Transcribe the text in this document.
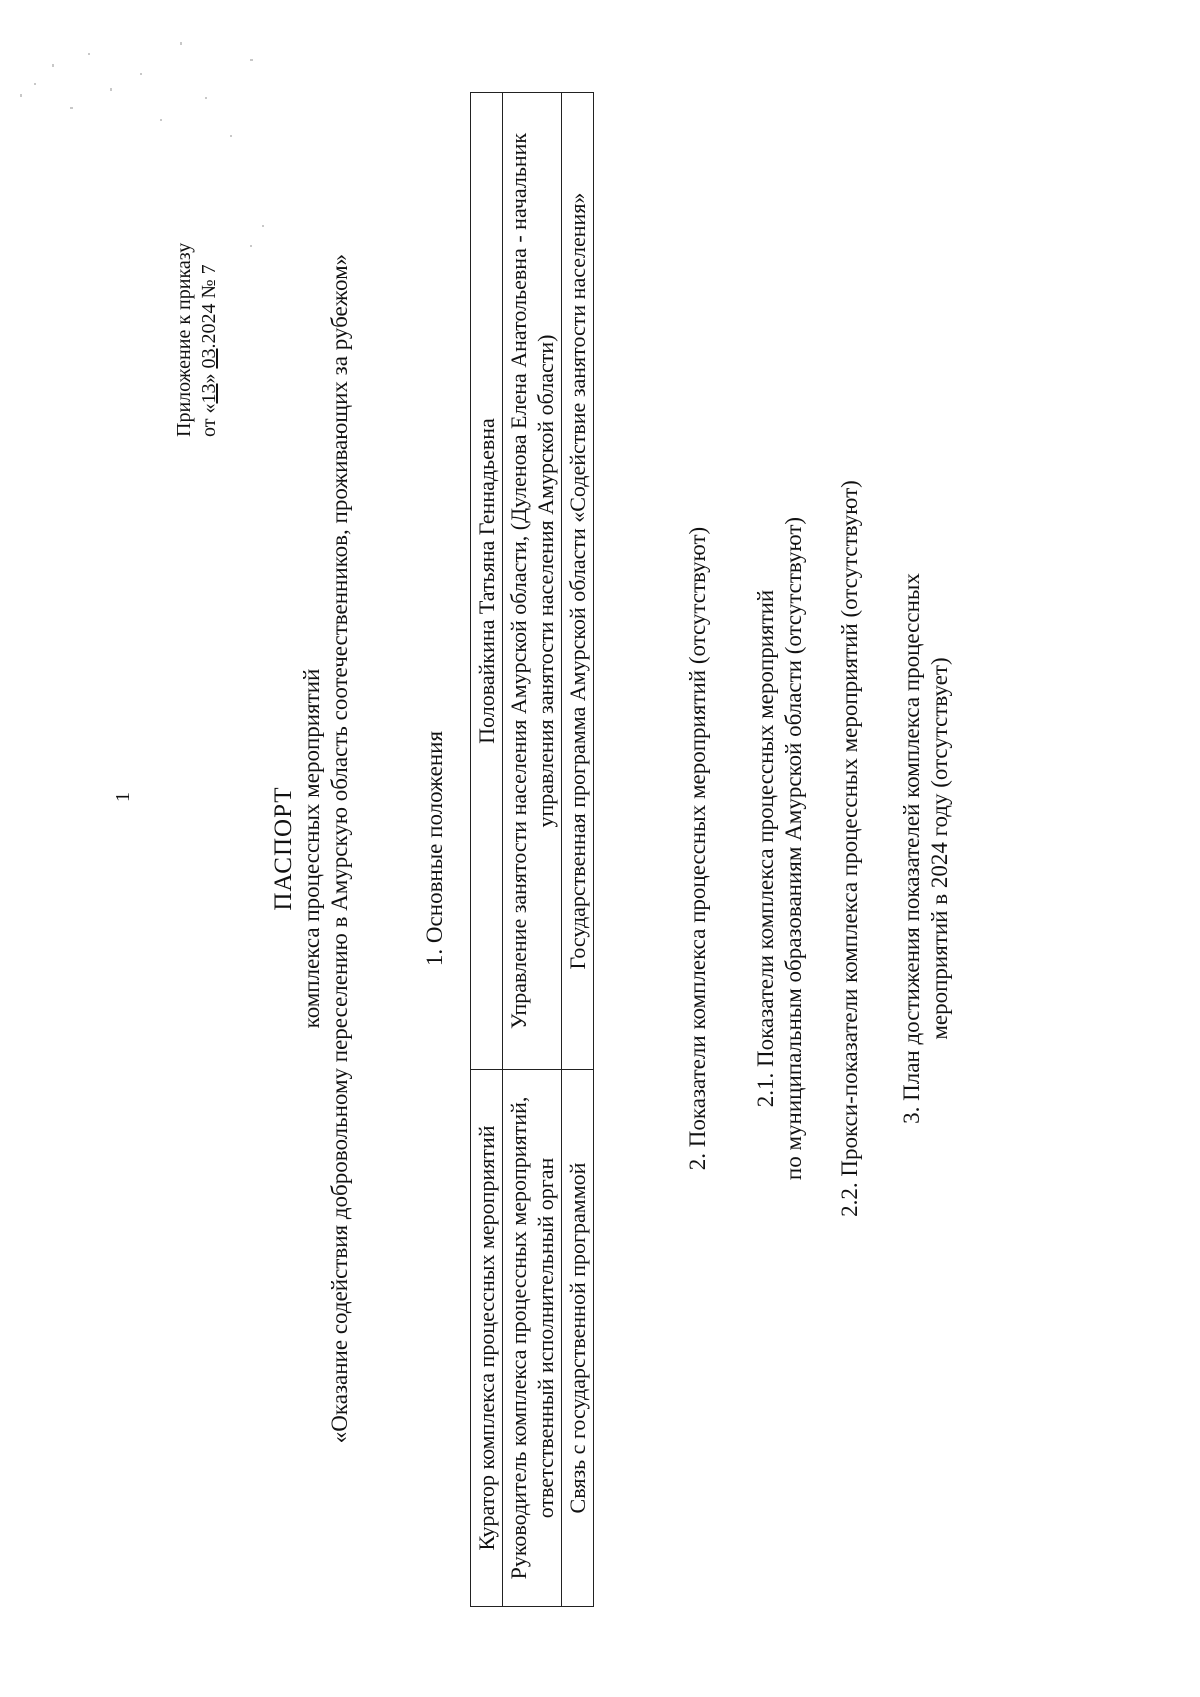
1
Приложение к приказу от «13» 03.2024 № 7
ПАСПОРТ комплекса процессных мероприятий «Оказание содействия добровольному переселению в Амурскую область соотечественников, проживающих за рубежом»	1. Основные положения
Куратор комплекса процессных мероприятий	Половайкина Татьяна Геннадьевна
Руководитель комплекса процессных мероприятий, ответственный исполнительный орган	Управление занятости населения Амурской области, (Дуленова Елена Анатольевна - начальник управления занятости населения Амурской области)
Связь с государственной программой	Государственная программа Амурской области «Содействие занятости населения»	2. Показатели комплекса процессных мероприятий (отсутствуют) 2.1. Показатели комплекса процессных мероприятий по муниципальным образованиям Амурской области (отсутствуют) 2.2. Прокси-показатели комплекса процессных мероприятий (отсутствуют) 3. План достижения показателей комплекса процессных мероприятий в 2024 году (отсутствует)
